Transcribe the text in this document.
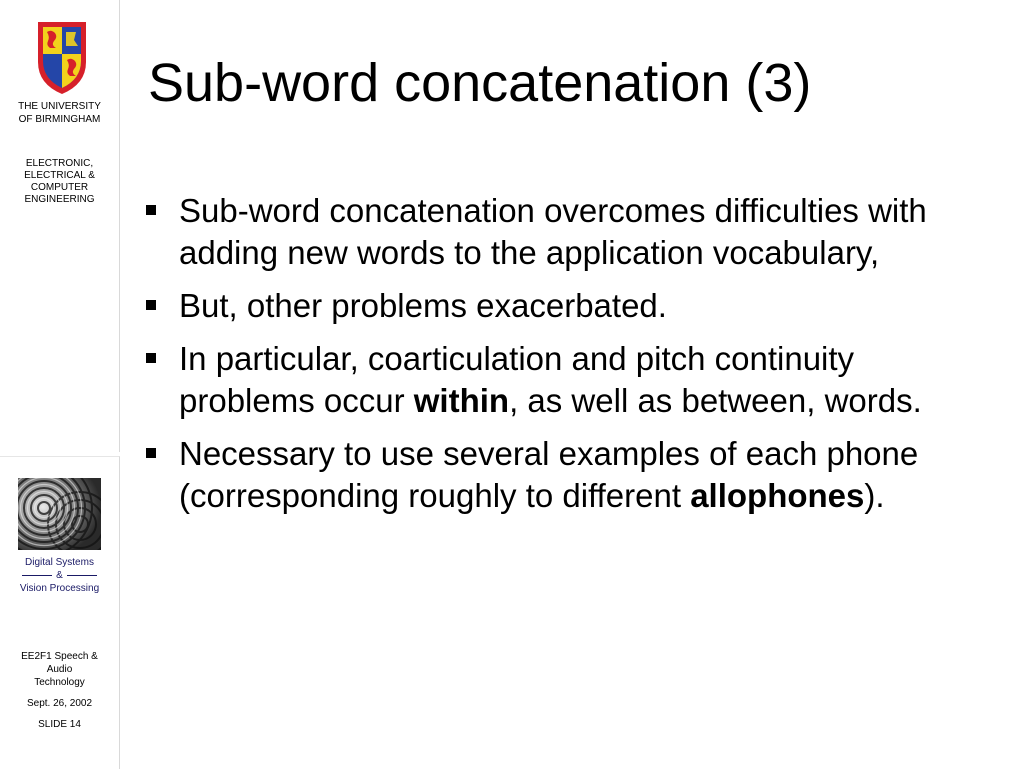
THE UNIVERSITY
OF BIRMINGHAM
ELECTRONIC,
ELECTRICAL &
COMPUTER
ENGINEERING
Digital Systems
&
Vision Processing
EE2F1 Speech &
Audio
Technology
Sept. 26, 2002
SLIDE 14
Sub-word concatenation (3)
Sub-word concatenation overcomes difficulties with adding new words to the application vocabulary,
But, other problems exacerbated.
In particular, coarticulation and pitch continuity problems occur within, as well as between, words.
Necessary to use several examples of each phone (corresponding roughly to different allophones).
